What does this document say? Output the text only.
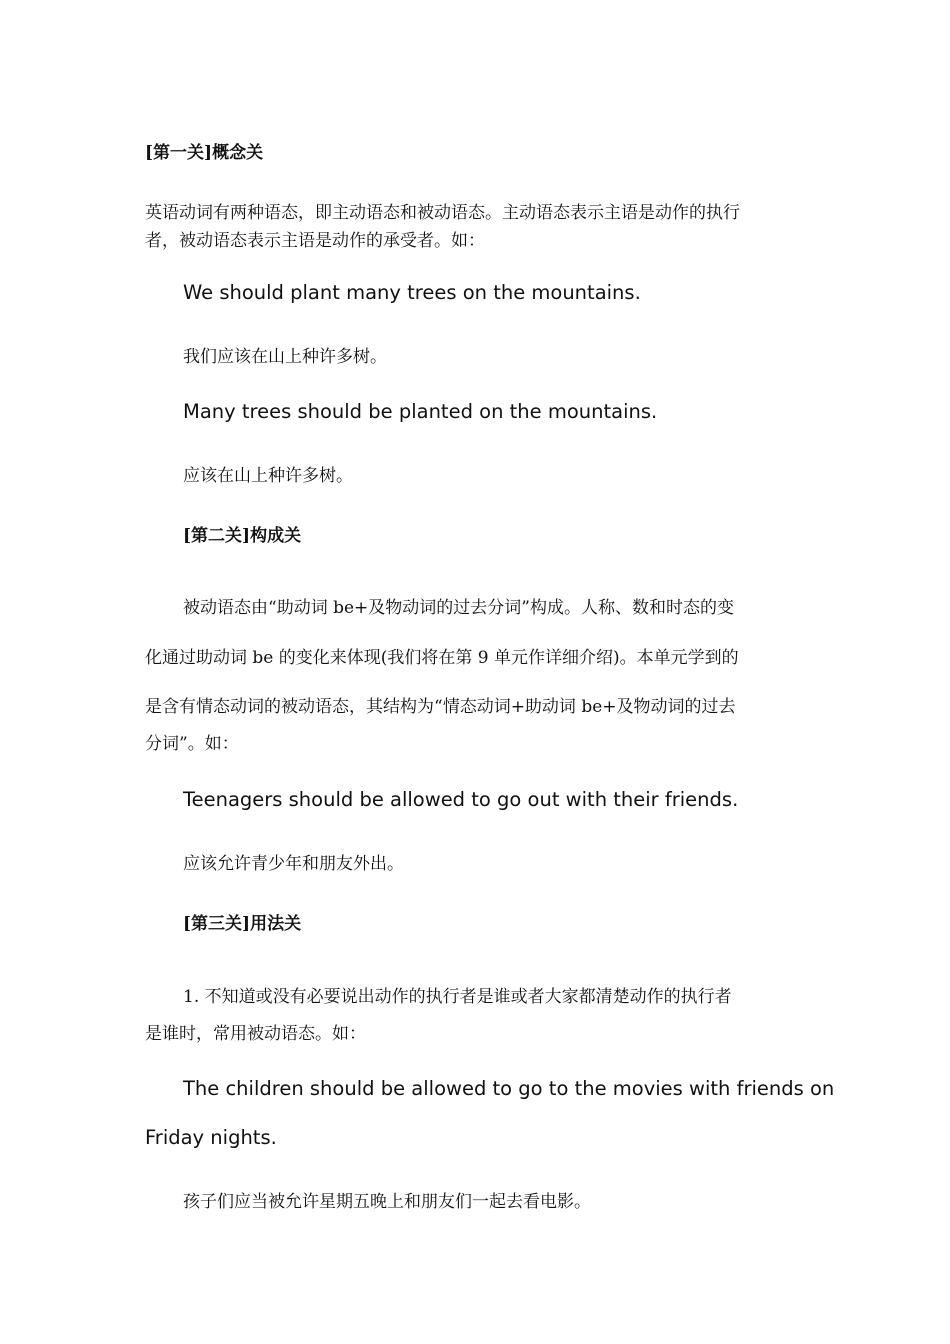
[第一关]概念关

英语动词有两种语态，即主动语态和被动语态。主动语态表示主语是动作的执行

者，被动语态表示主语是动作的承受者。如：

We should plant many trees on the mountains.

我们应该在山上种许多树。

Many trees should be planted on the mountains.

应该在山上种许多树。

[第二关]构成关

被动语态由“助动词 be+及物动词的过去分词”构成。人称、数和时态的变

化通过助动词 be 的变化来体现(我们将在第 9 单元作详细介绍)。本单元学到的

是含有情态动词的被动语态，其结构为“情态动词+助动词 be+及物动词的过去

分词”。如：

Teenagers should be allowed to go out with their friends.

应该允许青少年和朋友外出。

[第三关]用法关

1. 不知道或没有必要说出动作的执行者是谁或者大家都清楚动作的执行者

是谁时，常用被动语态。如：

The children should be allowed to go to the movies with friends on

Friday nights.

孩子们应当被允许星期五晚上和朋友们一起去看电影。
